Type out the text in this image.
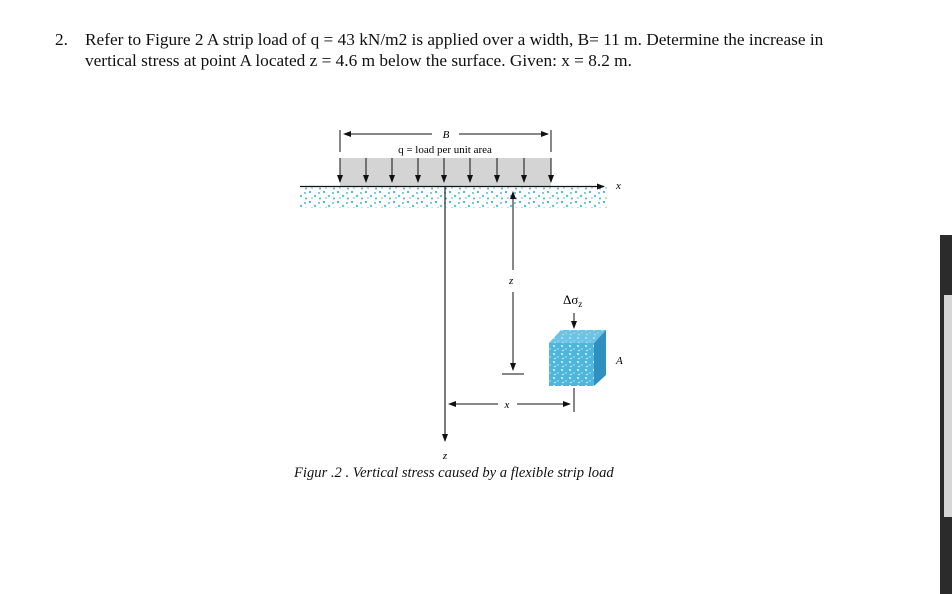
2. Refer to Figure 2 A strip load of q = 43 kN/m2 is applied over a width, B= 11 m. Determine the increase in
vertical stress at point A located z = 4.6 m below the surface. Given: x = 8.2 m.
B
q = load per unit area
x
z
z
x
$\Delta\sigma_z$
A
Figur .2 . Vertical stress caused by a flexible strip load
